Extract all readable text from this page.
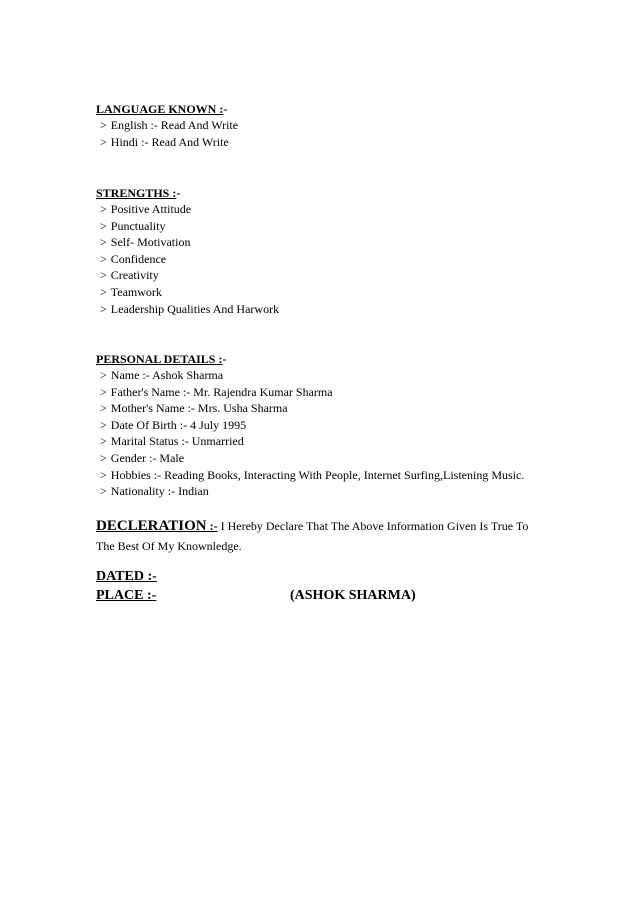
LANGUAGE KNOWN :-
> English :- Read And Write
> Hindi :- Read And Write
STRENGTHS :-
> Positive Attitude
> Punctuality
> Self- Motivation
> Confidence
> Creativity
> Teamwork
> Leadership Qualities And Harwork
PERSONAL DETAILS :-
> Name :- Ashok Sharma
> Father's Name :- Mr. Rajendra Kumar Sharma
> Mother's Name :- Mrs. Usha Sharma
> Date Of Birth :- 4 July 1995
> Marital Status :- Unmarried
> Gender :- Male
> Hobbies :- Reading Books, Interacting With People, Internet Surfing,Listening Music.
> Nationality :- Indian
DECLERATION :- I Hereby Declare That The Above Information Given Is True To The Best Of My Knownledge.
DATED :-
PLACE :-	(ASHOK SHARMA)
